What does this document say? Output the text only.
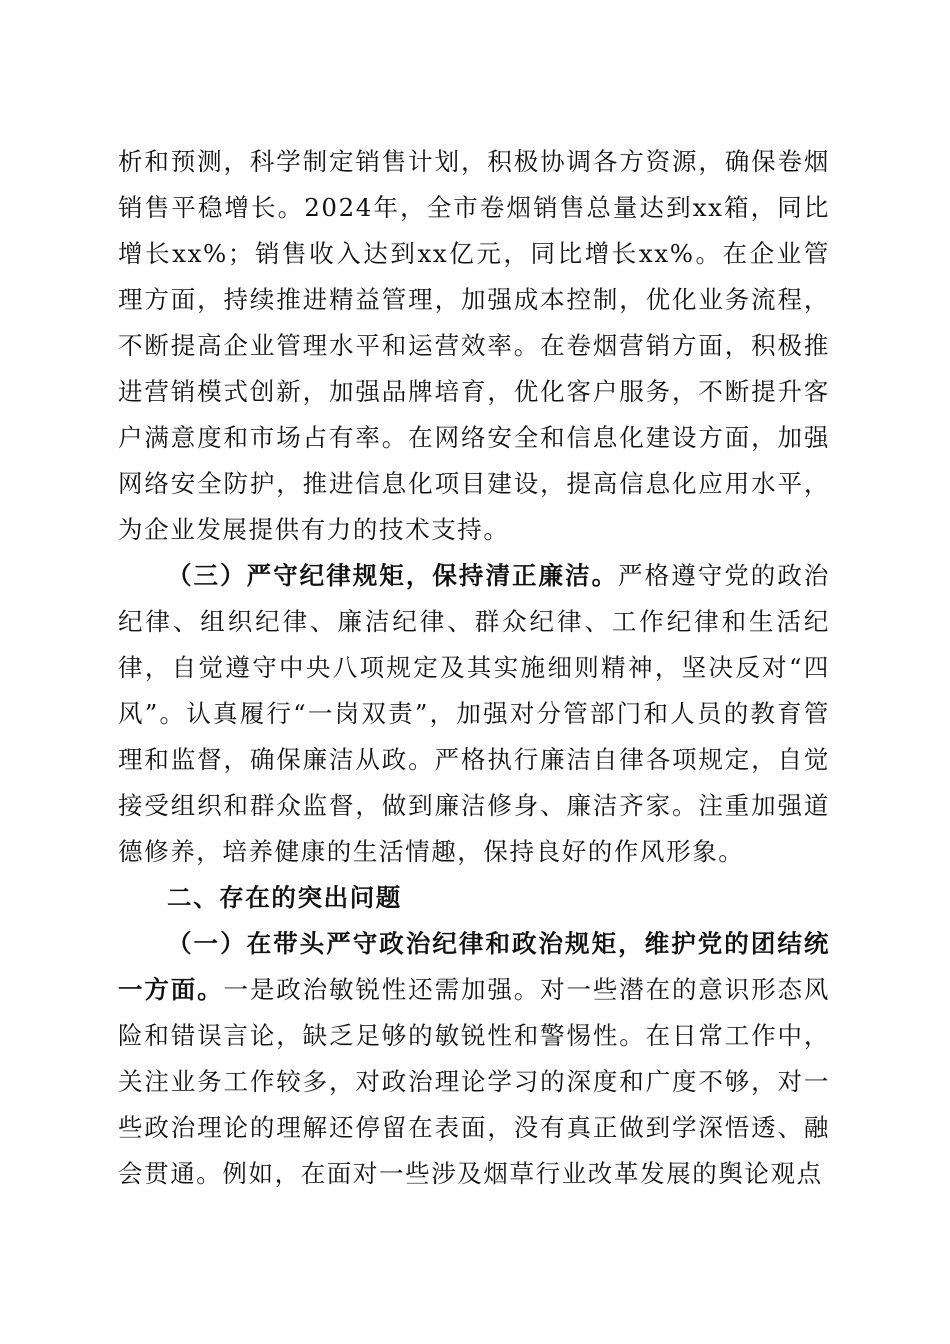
析和预测，科学制定销售计划，积极协调各方资源，确保卷烟销售平稳增长。2024年，全市卷烟销售总量达到xx箱，同比增长xx%；销售收入达到xx亿元，同比增长xx%。在企业管理方面，持续推进精益管理，加强成本控制，优化业务流程，不断提高企业管理水平和运营效率。在卷烟营销方面，积极推进营销模式创新，加强品牌培育，优化客户服务，不断提升客户满意度和市场占有率。在网络安全和信息化建设方面，加强网络安全防护，推进信息化项目建设，提高信息化应用水平，为企业发展提供有力的技术支持。

（三）严守纪律规矩，保持清正廉洁。严格遵守党的政治纪律、组织纪律、廉洁纪律、群众纪律、工作纪律和生活纪律，自觉遵守中央八项规定及其实施细则精神，坚决反对“四风”。认真履行“一岗双责”，加强对分管部门和人员的教育管理和监督，确保廉洁从政。严格执行廉洁自律各项规定，自觉接受组织和群众监督，做到廉洁修身、廉洁齐家。注重加强道德修养，培养健康的生活情趣，保持良好的作风形象。

二、存在的突出问题

（一）在带头严守政治纪律和政治规矩，维护党的团结统一方面。一是政治敏锐性还需加强。对一些潜在的意识形态风险和错误言论，缺乏足够的敏锐性和警惕性。在日常工作中，关注业务工作较多，对政治理论学习的深度和广度不够，对一些政治理论的理解还停留在表面，没有真正做到学深悟透、融会贯通。例如，在面对一些涉及烟草行业改革发展的舆论观点
